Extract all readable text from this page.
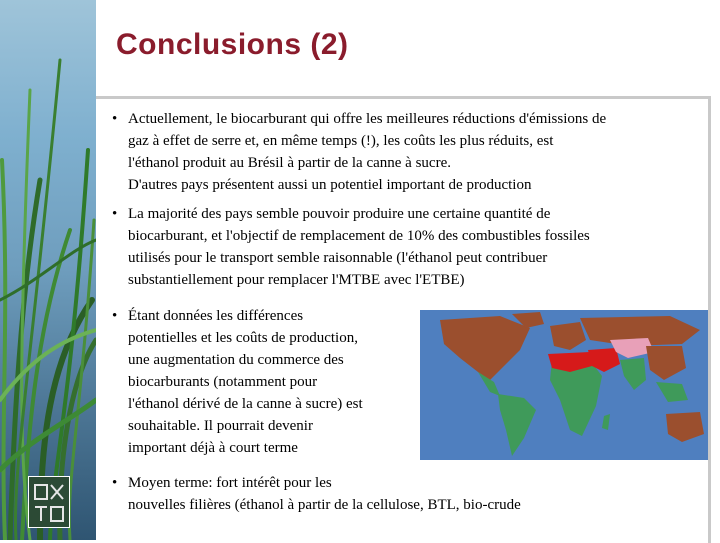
Conclusions (2)
• Actuellement, le biocarburant qui offre les meilleures réductions d'émissions de
gaz à effet de serre et, en même temps (!), les coûts les plus réduits, est
l'éthanol produit au Brésil à partir de la canne à sucre.
D'autres pays présentent aussi un potentiel important de production
• La majorité des pays semble pouvoir produire une certaine quantité de
biocarburant, et l'objectif de remplacement de 10% des combustibles fossiles
utilisés pour le transport semble raisonnable (l'éthanol peut contribuer
substantiellement pour remplacer l'MTBE avec l'ETBE)
• Étant données les différences
potentielles et les coûts de production,
une augmentation du commerce des
biocarburants (notamment pour
l'éthanol dérivé de la canne à sucre) est
souhaitable. Il pourrait devenir
important déjà à court terme
• Moyen terme: fort intérêt pour les
nouvelles filières (éthanol à partir de la cellulose, BTL, bio-crude
